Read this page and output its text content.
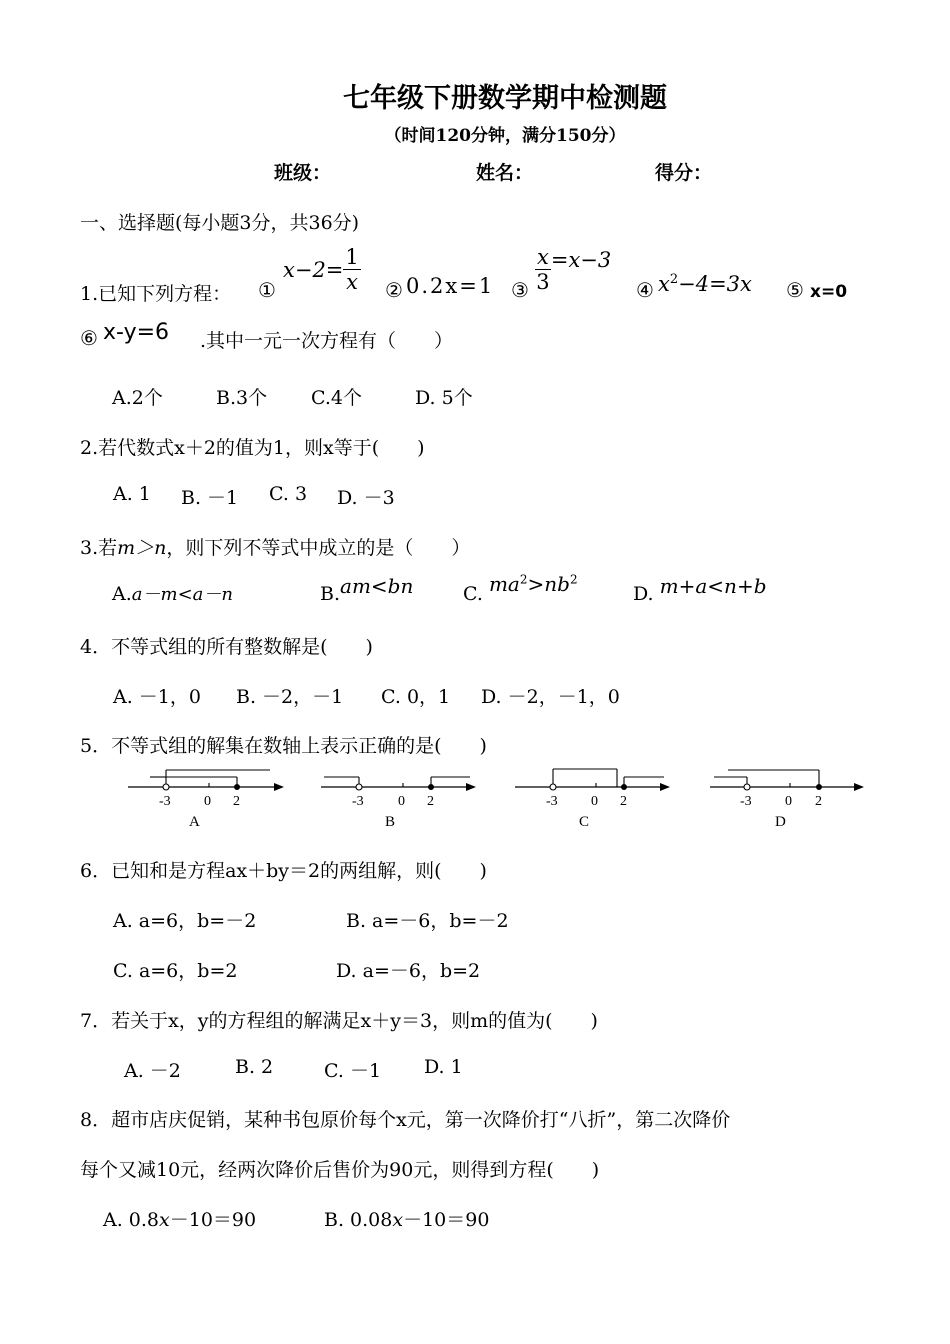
七年级下册数学期中检测题
（时间120分钟，满分150分）
班级：	姓名：	得分：
一、选择题(每小题3分，共36分)
1.已知下列方程： ①
$x-2= \frac{1}{x}$ ② 0.2x=1 ③ $\frac{x}{3} =x-3$
④ $x^2-4=3x$ ⑤ x=0
⑥ x-y=6 .其中一元一次方程有（　　）
A.2个	B.3个 C.4个	D. 5个
2.若代数式x＋2的值为1，则x等于(　　)
A. 1 B. －1 C. 3 D. －3
3.若m＞n，则下列不等式中成立的是（　　）
A.a－m<a－n	B.am<bn	C. $ma^2>nb^2$
D. m+a<n+b
4．不等式组的所有整数解是(　　)
A. －1，0 B. －2，－1 C. 0，1 D. －2，－1，0
5．不等式组的解集在数轴上表示正确的是(　　)
-3 0 2
A
-3 0 2
B
-3 0 2
C
-3 0 2
D
6．已知和是方程ax＋by＝2的两组解，则(　　)
A. a=6，b=－2	B. a=－6，b=－2
C. a=6，b=2	D. a=－6，b=2
7．若关于x，y的方程组的解满足x＋y＝3，则m的值为(　　)
A. －2	B. 2	C. －1 D. 1
8．超市店庆促销，某种书包原价每个x元，第一次降价打“八折”，第二次降价
每个又减10元，经两次降价后售价为90元，则得到方程(　　)
A. 0.8x－10＝90	B. 0.08x－10＝90
